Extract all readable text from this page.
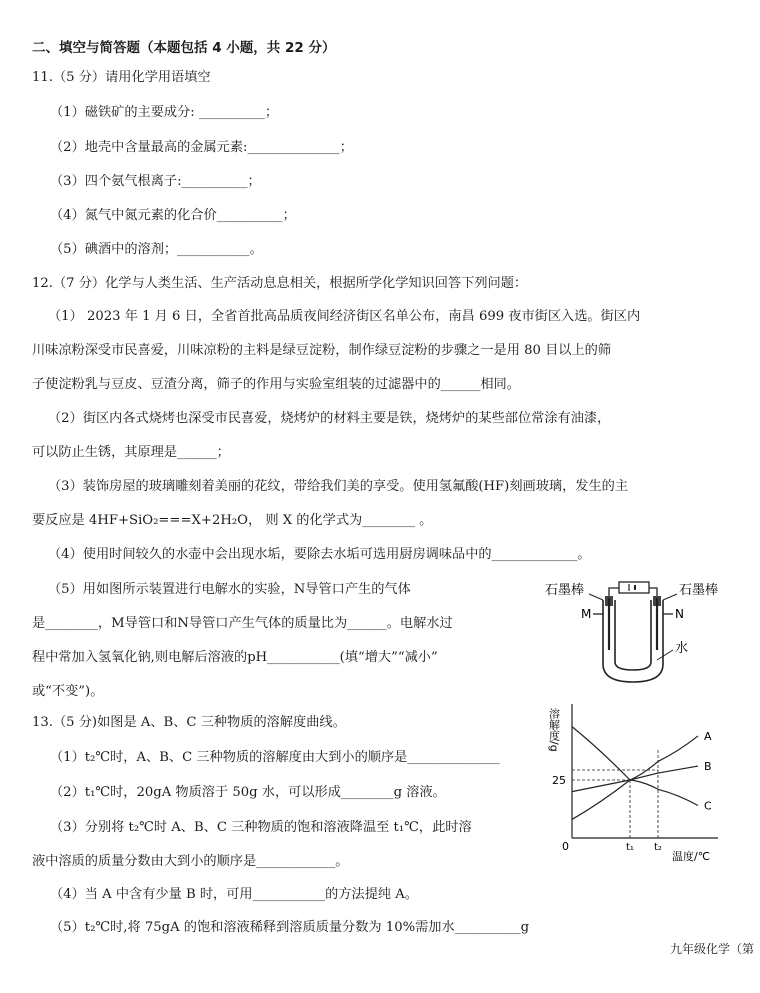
二、填空与简答题（本题包括 4 小题，共 22 分）
11.（5 分）请用化学用语填空
（1）磁铁矿的主要成分: __________；
（2）地壳中含量最高的金属元素:______________；
（3）四个氨气根离子:__________；
（4）氮气中氮元素的化合价__________；
（5）碘酒中的溶剂；___________。
12.（7 分）化学与人类生活、生产活动息息相关，根据所学化学知识回答下列问题：
（1） 2023 年 1 月 6 日，全省首批高品质夜间经济街区名单公布，南昌 699 夜市街区入选。街区内
川味凉粉深受市民喜爱，川味凉粉的主料是绿豆淀粉，制作绿豆淀粉的步骤之一是用 80 目以上的筛
子使淀粉乳与豆皮、豆渣分离，筛子的作用与实验室组装的过滤器中的______相同。
（2）街区内各式烧烤也深受市民喜爱，烧烤炉的材料主要是铁，烧烤炉的某些部位常涂有油漆，
可以防止生锈，其原理是______；
（3）装饰房屋的玻璃雕刻着美丽的花纹，带给我们美的享受。使用氢氟酸(HF)刻画玻璃，发生的主
要反应是 4HF+SiO₂===X+2H₂O， 则 X 的化学式为________ 。
（4）使用时间较久的水壶中会出现水垢，要除去水垢可选用厨房调味品中的_____________。
（5）用如图所示装置进行电解水的实验，N导管口产生的气体
是________，M导管口和N导管口产生气体的质量比为______。电解水过
程中常加入氢氧化钠,则电解后溶液的pH___________(填“增大”“减小”
或“不变”)。
石墨棒	石墨棒
M	N
水
13.（5 分)如图是 A、B、C 三种物质的溶解度曲线。
（1）t₂℃时，A、B、C 三种物质的溶解度由大到小的顺序是______________
（2）t₁℃时，20gA 物质溶于 50g 水，可以形成________g 溶液。
（3）分别将 t₂℃时 A、B、C 三种物质的饱和溶液降温至 t₁℃，此时溶
液中溶质的质量分数由大到小的顺序是____________。
（4）当 A 中含有少量 B 时，可用___________的方法提纯 A。
（5）t₂℃时,将 75gA 的饱和溶液稀释到溶质质量分数为 10%需加水__________g
溶解度/g
温度/℃
0
25
t₁ t₂
A
B
C
九年级化学（第
